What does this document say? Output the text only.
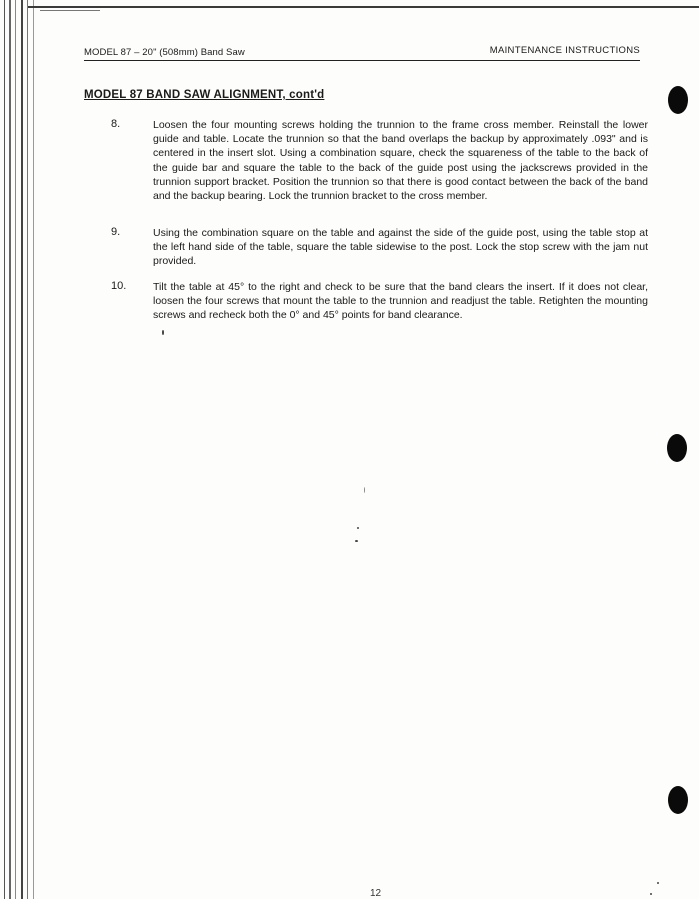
MODEL 87 – 20" (508mm) Band Saw	MAINTENANCE INSTRUCTIONS
MODEL 87 BAND SAW ALIGNMENT, cont'd
8.	Loosen the four mounting screws holding the trunnion to the frame cross member. Reinstall the lower guide and table. Locate the trunnion so that the band overlaps the backup by approximately .093" and is centered in the insert slot. Using a combination square, check the squareness of the table to the back of the guide bar and square the table to the back of the guide post using the jackscrews provided in the trunnion support bracket. Position the trunnion so that there is good contact between the back of the band and the backup bearing. Lock the trunnion bracket to the cross member.
9.	Using the combination square on the table and against the side of the guide post, using the table stop at the left hand side of the table, square the table sidewise to the post. Lock the stop screw with the jam nut provided.
10.	Tilt the table at 45° to the right and check to be sure that the band clears the insert. If it does not clear, loosen the four screws that mount the table to the trunnion and readjust the table. Retighten the mounting screws and recheck both the 0° and 45° points for band clearance.
12
